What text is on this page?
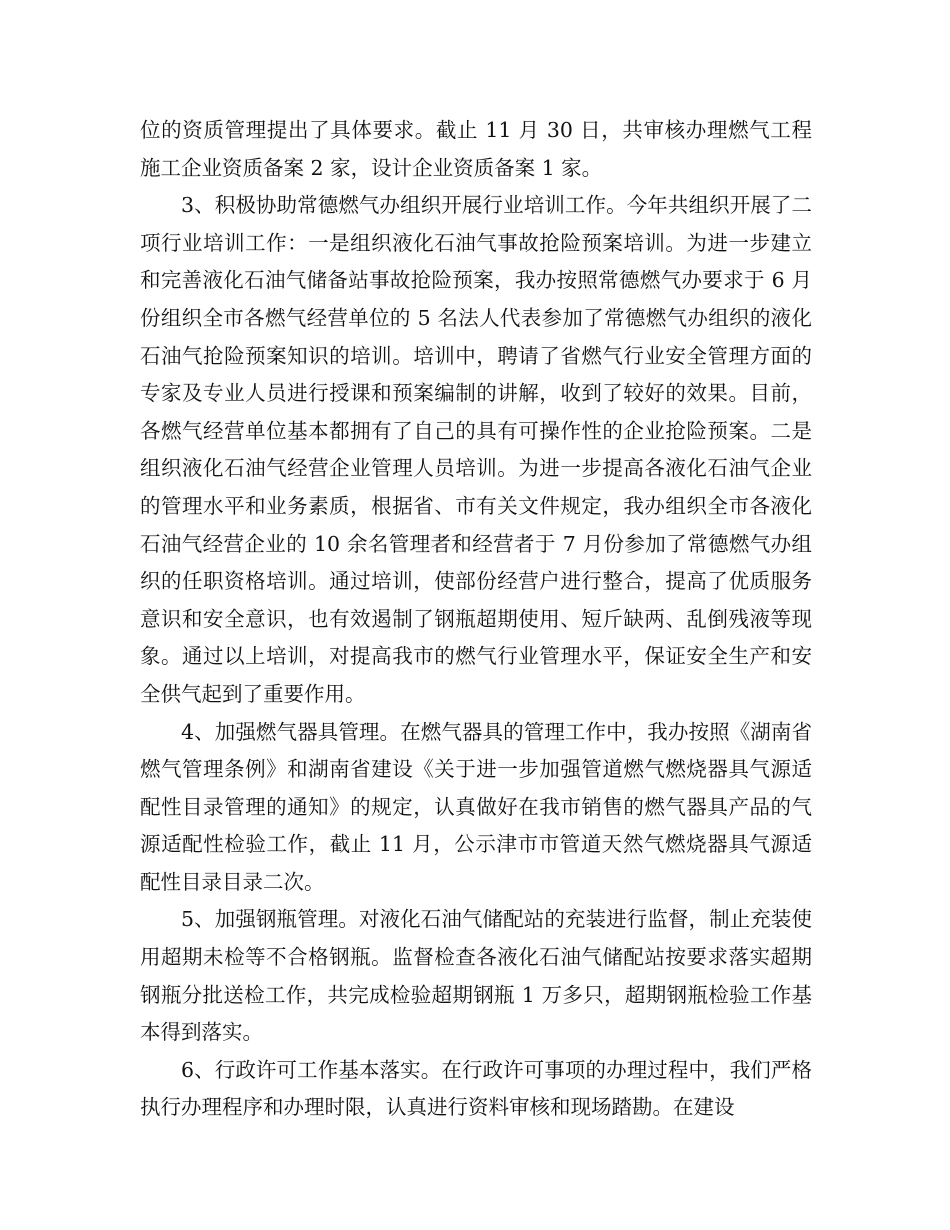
位的资质管理提出了具体要求。截止 11 月 30 日，共审核办理燃气工程施工企业资质备案 2 家，设计企业资质备案 1 家。

3、积极协助常德燃气办组织开展行业培训工作。今年共组织开展了二项行业培训工作：一是组织液化石油气事故抢险预案培训。为进一步建立和完善液化石油气储备站事故抢险预案，我办按照常德燃气办要求于 6 月份组织全市各燃气经营单位的 5 名法人代表参加了常德燃气办组织的液化石油气抢险预案知识的培训。培训中，聘请了省燃气行业安全管理方面的专家及专业人员进行授课和预案编制的讲解，收到了较好的效果。目前，各燃气经营单位基本都拥有了自己的具有可操作性的企业抢险预案。二是组织液化石油气经营企业管理人员培训。为进一步提高各液化石油气企业的管理水平和业务素质，根据省、市有关文件规定，我办组织全市各液化石油气经营企业的 10 余名管理者和经营者于 7 月份参加了常德燃气办组织的任职资格培训。通过培训，使部份经营户进行整合，提高了优质服务意识和安全意识，也有效遏制了钢瓶超期使用、短斤缺两、乱倒残液等现象。通过以上培训，对提高我市的燃气行业管理水平，保证安全生产和安全供气起到了重要作用。

4、加强燃气器具管理。在燃气器具的管理工作中，我办按照《湖南省燃气管理条例》和湖南省建设《关于进一步加强管道燃气燃烧器具气源适配性目录管理的通知》的规定，认真做好在我市销售的燃气器具产品的气源适配性检验工作，截止 11 月，公示津市市管道天然气燃烧器具气源适配性目录目录二次。

5、加强钢瓶管理。对液化石油气储配站的充装进行监督，制止充装使用超期未检等不合格钢瓶。监督检查各液化石油气储配站按要求落实超期钢瓶分批送检工作，共完成检验超期钢瓶 1 万多只，超期钢瓶检验工作基本得到落实。

6、行政许可工作基本落实。在行政许可事项的办理过程中，我们严格执行办理程序和办理时限，认真进行资料审核和现场踏勘。在建设
